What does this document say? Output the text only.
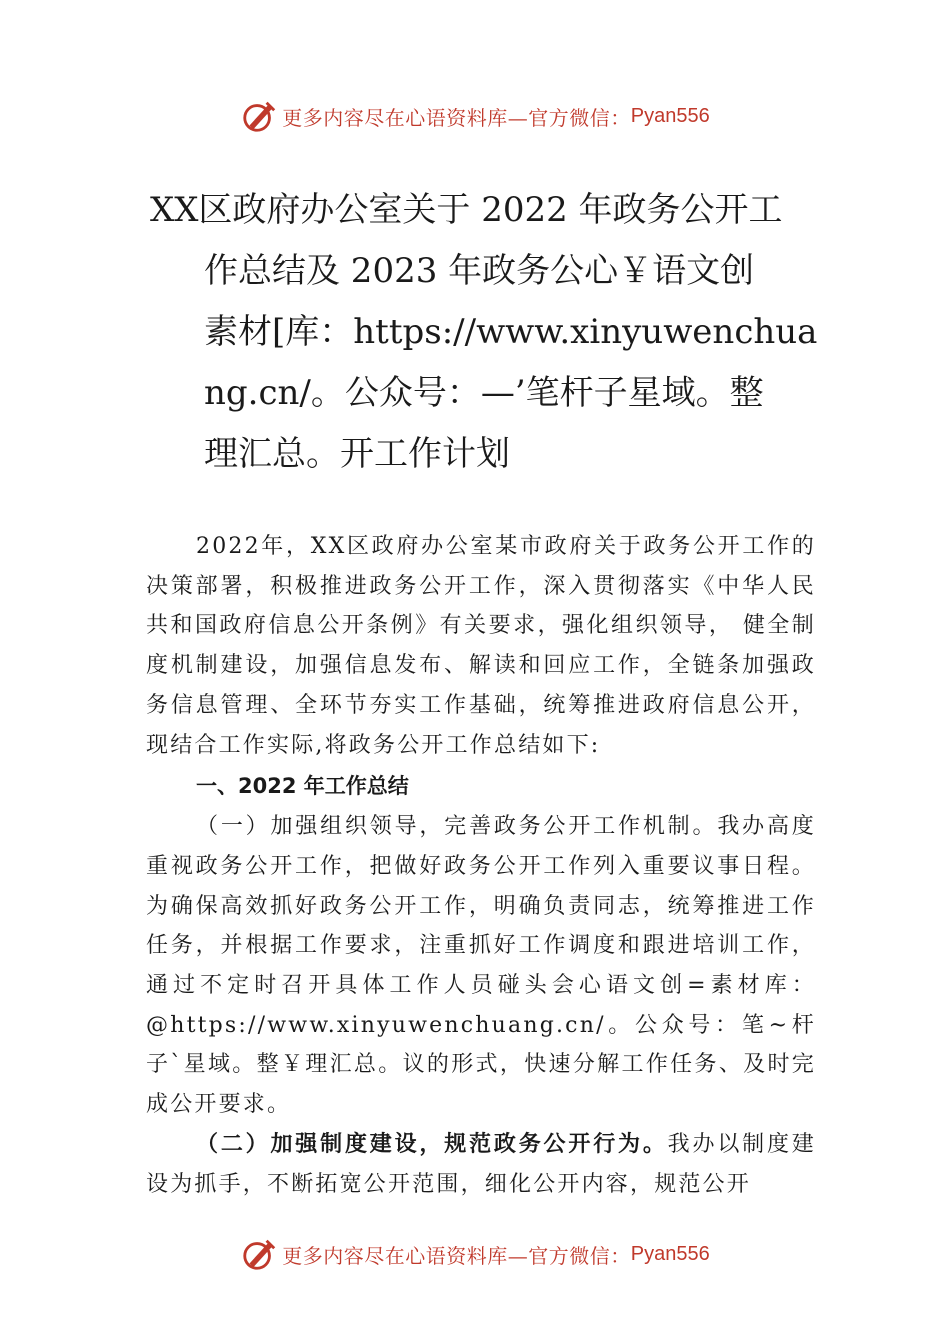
更多内容尽在心语资料库—官方微信： Pyan556
XX区政府办公室关于 2022 年政务公开工
作总结及 2023 年政务公心￥语文创
素材[库：https://www.xinyuwenchua
ng.cn/。公众号：—’笔杆子星域。整
理汇总。开工作计划

2022年，XX区政府办公室某市政府关于政务公开工作的决策部署，积极推进政务公开工作，深入贯彻落实《中华人民共和国政府信息公开条例》有关要求，强化组织领导， 健全制度机制建设，加强信息发布、解读和回应工作，全链条加强政务信息管理、全环节夯实工作基础，统筹推进政府信息公开，现结合工作实际,将政务公开工作总结如下:

一、2022 年工作总结

（一）加强组织领导，完善政务公开工作机制。我办高度重视政务公开工作，把做好政务公开工作列入重要议事日程。为确保高效抓好政务公开工作，明确负责同志，统筹推进工作任务，并根据工作要求，注重抓好工作调度和跟进培训工作，通过不定时召开具体工作人员碰头会心语文创=素材库：@https://www.xinyuwenchuang.cn/。公众号：笔~杆子`星域。整￥理汇总。议的形式，快速分解工作任务、及时完成公开要求。

（二）加强制度建设，规范政务公开行为。我办以制度建设为抓手，不断拓宽公开范围，细化公开内容，规范公开

更多内容尽在心语资料库—官方微信： Pyan556
